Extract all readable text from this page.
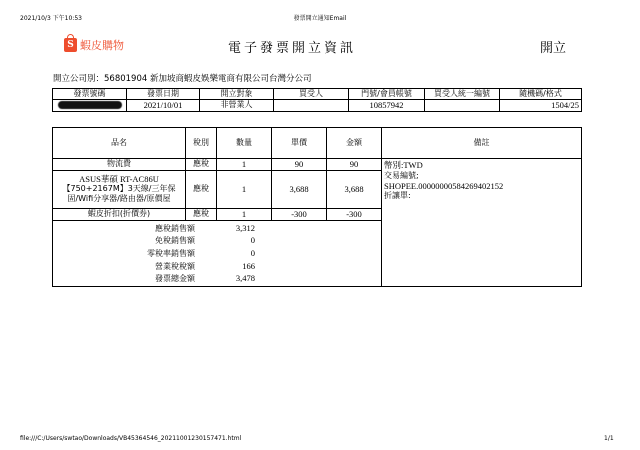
2021/10/3 下午10:53	發票開立通知Email
S 蝦皮購物	電子發票開立資訊	開立
開立公司別：56801904 新加坡商蝦皮娛樂電商有限公司台灣分公司
發票號碼	發票日期	開立對象	買受人	門號/會員帳號	買受人統一編號	隨機碼/格式
	2021/10/01	非營業人		10857942		1504/25
品名	稅別	數量	單價	金額	備註
物流費	應稅	1	90	90	幣別:TWD
交易編號;
SHOPEE.00000000584269402152
折讓單:

ASUS華碩 RT-AC86U
【750+2167M】3天線/三年保
固/Wifi分享器/路由器/原價屋	應稅	1	3,688	3,688	
蝦皮折扣(折價券)	應稅	1	-300	-300	

應稅銷售額 3,312
免稅銷售額 0
零稅率銷售額 0
營業稅稅額 166
發票總金額 3,478					
file:///C:/Users/swtao/Downloads/VB45364546_20211001230157471.html	1/1
